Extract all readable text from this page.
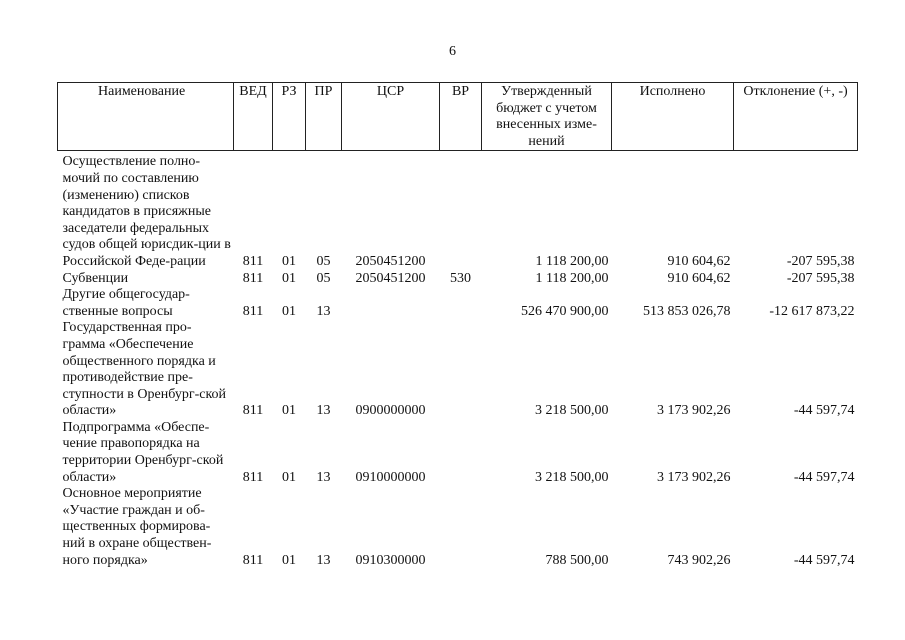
6
Наименование	ВЕД	РЗ	ПР	ЦСР	ВР	Утвержденный бюджет с учетом внесенных изме-нений	Исполнено	Отклонение (+, -)

Осуществление полно-мочий по составлению (изменению) списков кандидатов в присяжные заседатели федеральных судов общей юрисдик-ции в Российской Феде-рации	811	01	05	2050451200		1 118 200,00	910 604,62	-207 595,38
Субвенции	811	01	05	2050451200	530	1 118 200,00	910 604,62	-207 595,38
Другие общегосудар-ственные вопросы	811	01	13			526 470 900,00	513 853 026,78	-12 617 873,22
Государственная про-грамма «Обеспечение общественного порядка и противодействие пре-ступности в Оренбург-ской области»	811	01	13	0900000000		3 218 500,00	3 173 902,26	-44 597,74
Подпрограмма «Обеспе-чение правопорядка на территории Оренбург-ской области»	811	01	13	0910000000		3 218 500,00	3 173 902,26	-44 597,74
Основное мероприятие «Участие граждан и об-щественных формирова-ний в охране обществен-ного порядка»	811	01	13	0910300000		788 500,00	743 902,26	-44 597,74
